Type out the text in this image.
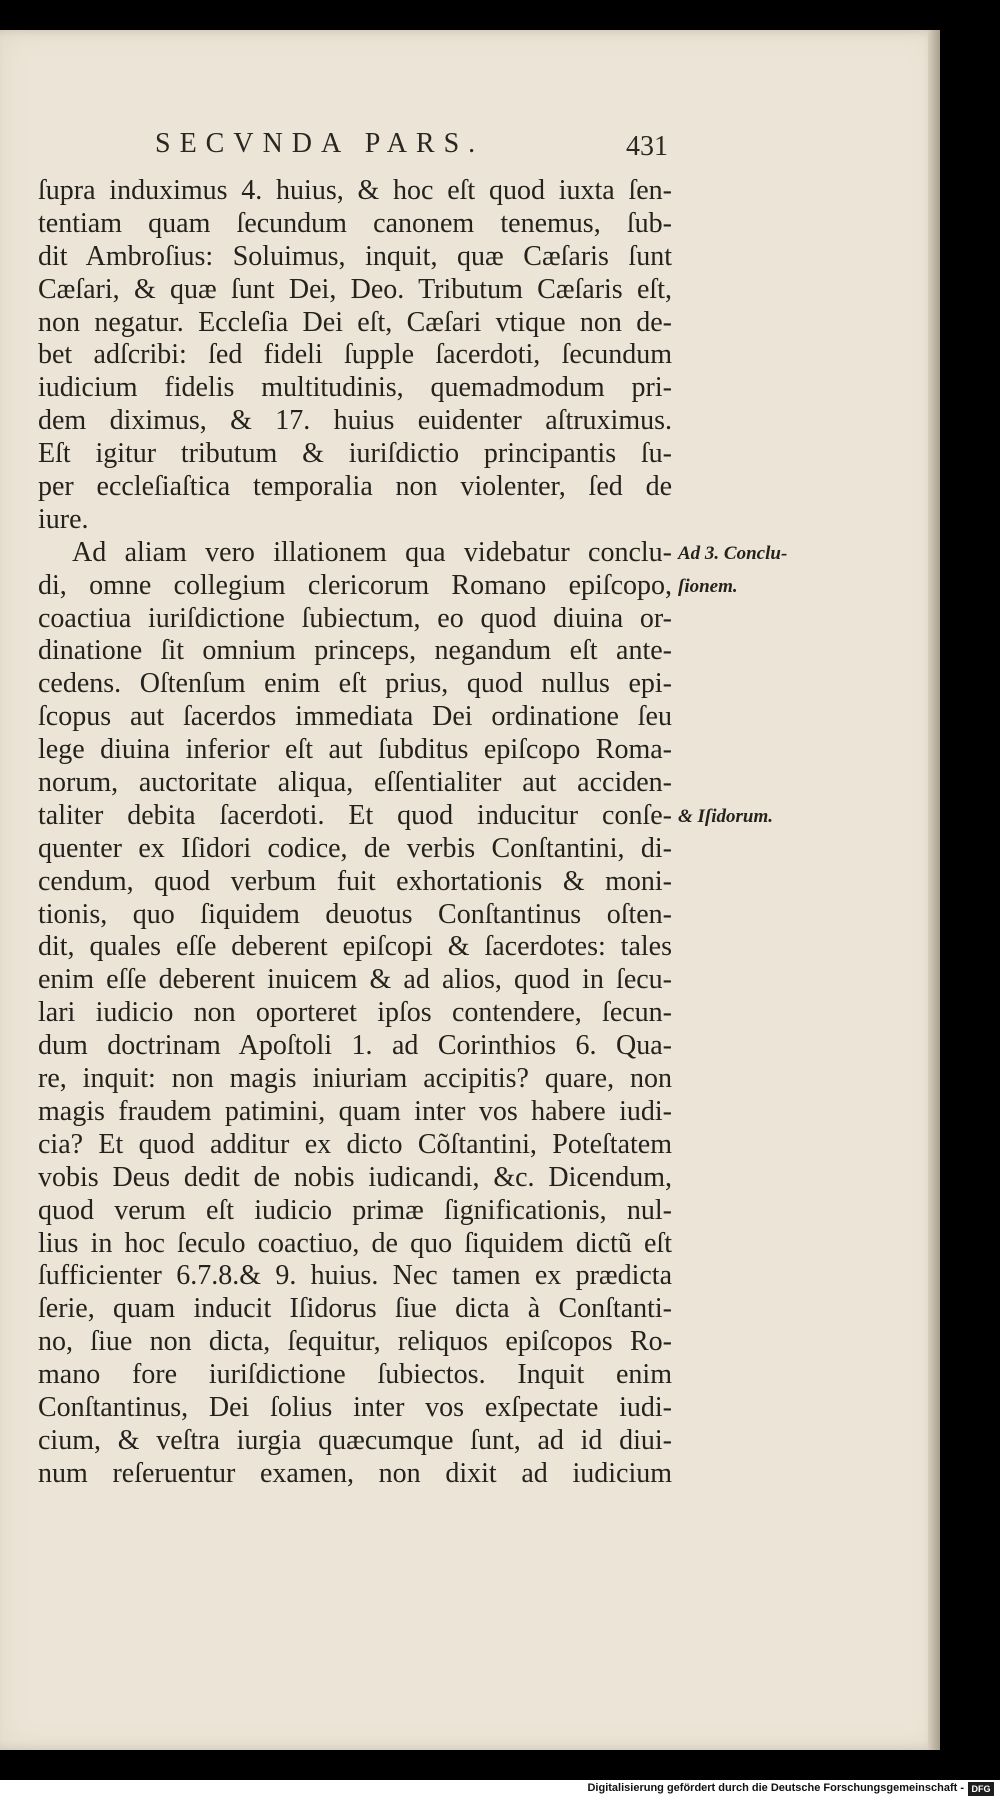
SECVNDA PARS.	431
ſupra induximus 4. huius, & hoc eſt quod iuxta ſen-
tentiam quam ſecundum canonem tenemus, ſub-
dit Ambroſius: Soluimus, inquit, quæ Cæſaris ſunt
Cæſari, & quæ ſunt Dei, Deo. Tributum Cæſaris eſt,
non negatur. Eccleſia Dei eſt, Cæſari vtique non de-
bet adſcribi: ſed fideli ſupple ſacerdoti, ſecundum
iudicium fidelis multitudinis, quemadmodum pri-
dem diximus, & 17. huius euidenter aſtruximus.
Eſt igitur tributum & iuriſdictio principantis ſu-
per eccleſiaſtica temporalia non violenter, ſed de
iure.
Ad aliam vero illationem qua videbatur conclu-
di, omne collegium clericorum Romano epiſcopo,
coactiua iuriſdictione ſubiectum, eo quod diuina or-
dinatione ſit omnium princeps, negandum eſt ante-
cedens. Oſtenſum enim eſt prius, quod nullus epi-
ſcopus aut ſacerdos immediata Dei ordinatione ſeu
lege diuina inferior eſt aut ſubditus epiſcopo Roma-
norum, auctoritate aliqua, eſſentialiter aut acciden-
taliter debita ſacerdoti. Et quod inducitur conſe-
quenter ex Iſidori codice, de verbis Conſtantini, di-
cendum, quod verbum fuit exhortationis & moni-
tionis, quo ſiquidem deuotus Conſtantinus oſten-
dit, quales eſſe deberent epiſcopi & ſacerdotes: tales
enim eſſe deberent inuicem & ad alios, quod in ſecu-
lari iudicio non oporteret ipſos contendere, ſecun-
dum doctrinam Apoſtoli 1. ad Corinthios 6. Qua-
re, inquit: non magis iniuriam accipitis? quare, non
magis fraudem patimini, quam inter vos habere iudi-
cia? Et quod additur ex dicto Cõſtantini, Poteſtatem
vobis Deus dedit de nobis iudicandi, &c. Dicendum,
quod verum eſt iudicio primæ ſignificationis, nul-
lius in hoc ſeculo coactiuo, de quo ſiquidem dictũ eſt
ſufficienter 6.7.8.& 9. huius. Nec tamen ex prædicta
ſerie, quam inducit Iſidorus ſiue dicta à Conſtanti-
no, ſiue non dicta, ſequitur, reliquos epiſcopos Ro-
mano fore iuriſdictione ſubiectos. Inquit enim
Conſtantinus, Dei ſolius inter vos exſpectate iudi-
cium, & veſtra iurgia quæcumque ſunt, ad id diui-
num reſeruentur examen, non dixit ad iudicium
Digitalisierung gefördert durch die Deutsche Forschungsgemeinschaft - DFG
Ad 3. Conclu-
ſionem.
& Iſidorum.
